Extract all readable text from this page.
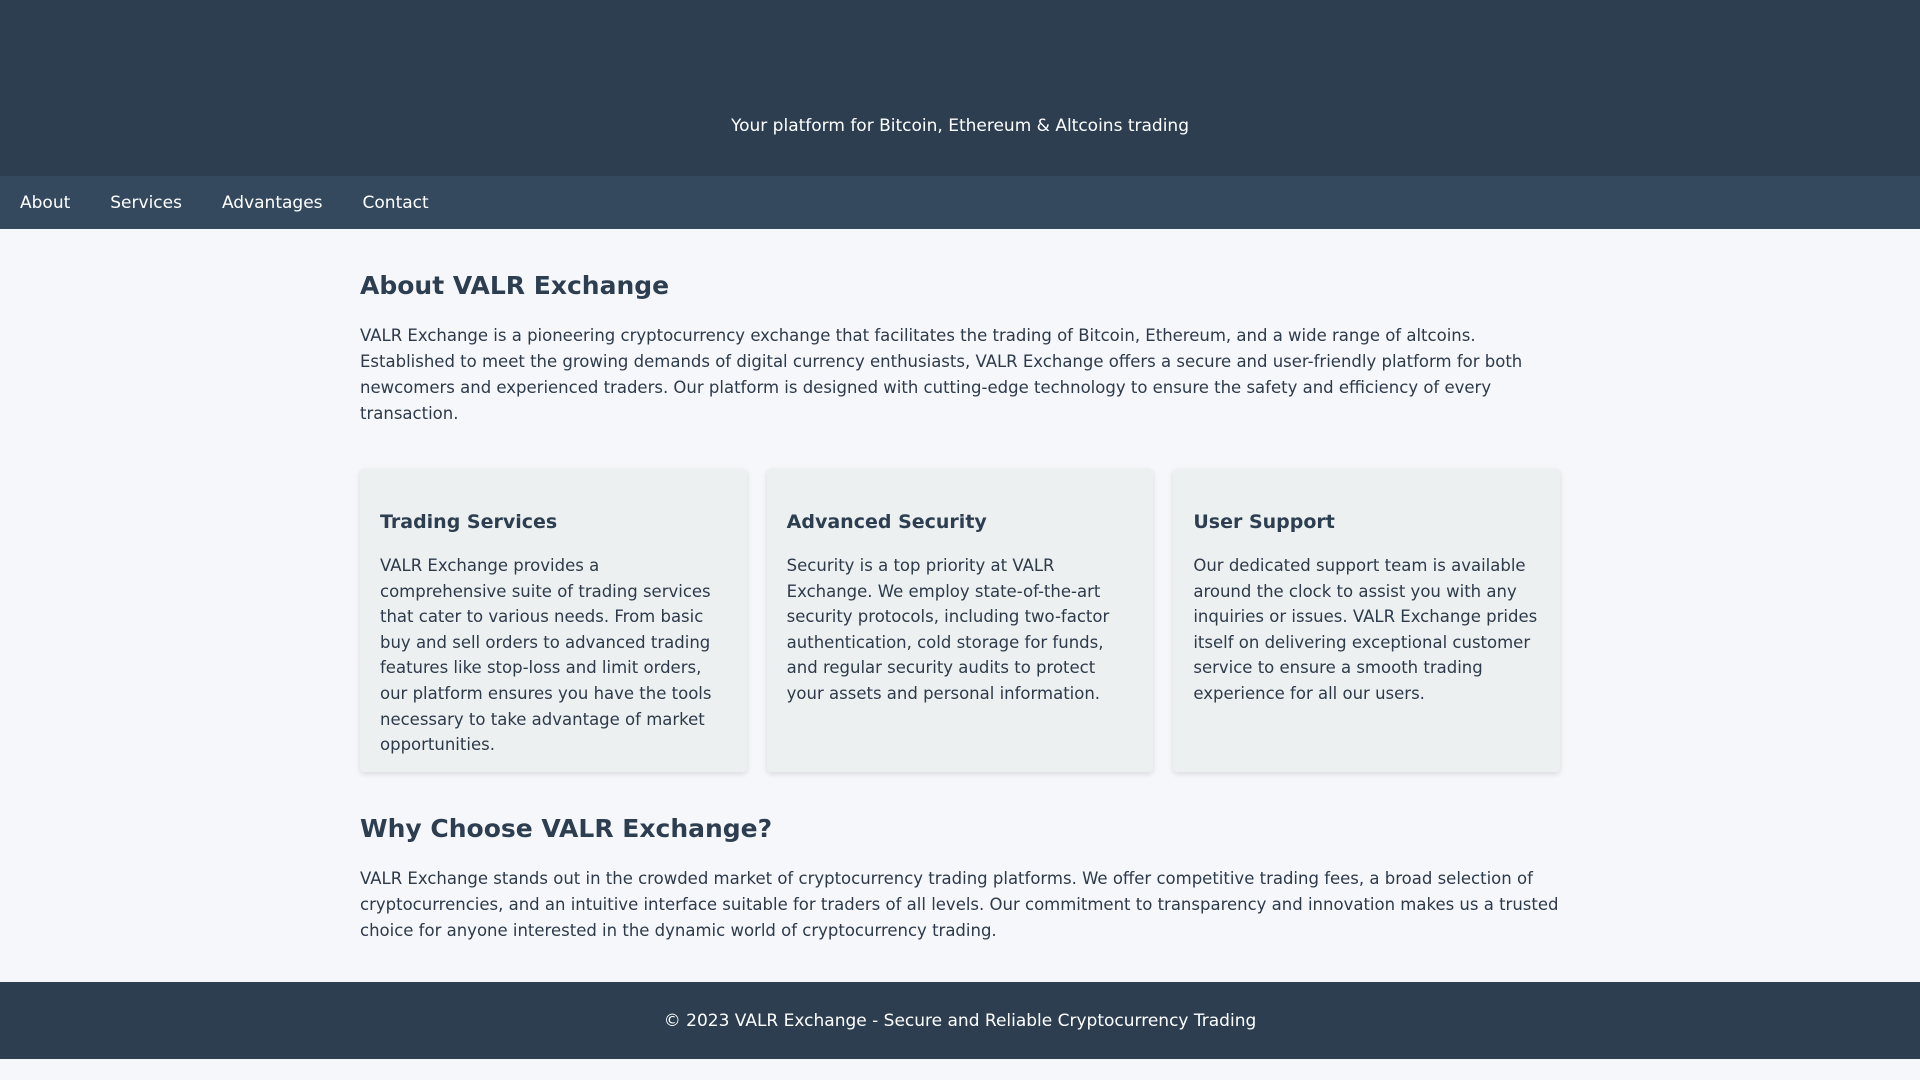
Your platform for Bitcoin, Ethereum & Altcoins trading
About Services Advantages Contact
About VALR Exchange

VALR Exchange is a pioneering cryptocurrency exchange that facilitates the trading of Bitcoin, Ethereum, and a wide range of altcoins. Established to meet the growing demands of digital currency enthusiasts, VALR Exchange offers a secure and user-friendly platform for both newcomers and experienced traders. Our platform is designed with cutting-edge technology to ensure the safety and efficiency of every transaction.

Trading Services

VALR Exchange provides a comprehensive suite of trading services that cater to various needs. From basic buy and sell orders to advanced trading features like stop-loss and limit orders, our platform ensures you have the tools necessary to take advantage of market opportunities.

Advanced Security

Security is a top priority at VALR Exchange. We employ state-of-the-art security protocols, including two-factor authentication, cold storage for funds, and regular security audits to protect your assets and personal information.

User Support

Our dedicated support team is available around the clock to assist you with any inquiries or issues. VALR Exchange prides itself on delivering exceptional customer service to ensure a smooth trading experience for all our users.

Why Choose VALR Exchange?

VALR Exchange stands out in the crowded market of cryptocurrency trading platforms. We offer competitive trading fees, a broad selection of cryptocurrencies, and an intuitive interface suitable for traders of all levels. Our commitment to transparency and innovation makes us a trusted choice for anyone interested in the dynamic world of cryptocurrency trading.

© 2023 VALR Exchange - Secure and Reliable Cryptocurrency Trading
